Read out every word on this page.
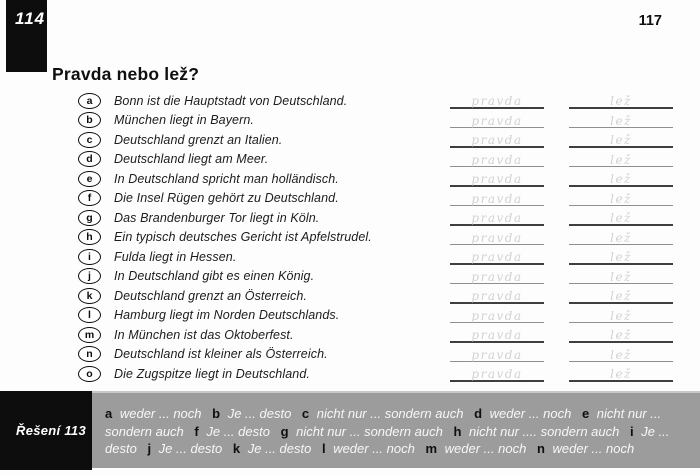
114	117
Pravda nebo lež?
a Bonn ist die Hauptstadt von Deutschland.	pravda	lež
b München liegt in Bayern.	pravda	lež
c Deutschland grenzt an Italien.	pravda	lež
d Deutschland liegt am Meer.	pravda	lež
e In Deutschland spricht man holländisch.	pravda	lež
f Die Insel Rügen gehört zu Deutschland.	pravda	lež
g Das Brandenburger Tor liegt in Köln.	pravda	lež
h Ein typisch deutsches Gericht ist Apfelstrudel.	pravda	lež
i Fulda liegt in Hessen.	pravda	lež
j In Deutschland gibt es einen König.	pravda	lež
k Deutschland grenzt an Österreich.	pravda	lež
l Hamburg liegt im Norden Deutschlands.	pravda	lež
m In München ist das Oktoberfest.	pravda	lež
n Deutschland ist kleiner als Österreich.	pravda	lež
o Die Zugspitze liegt in Deutschland.	pravda	lež
Řešení 113
a weder ... noch b Je ... desto c nicht nur ... sondern auch d weder ... noch e nicht nur ... sondern auch f Je ... desto g nicht nur ... sondern auch h nicht nur .... sondern auch i Je ... desto j Je ... desto k Je ... desto l weder ... noch m weder ... noch n weder ... noch
